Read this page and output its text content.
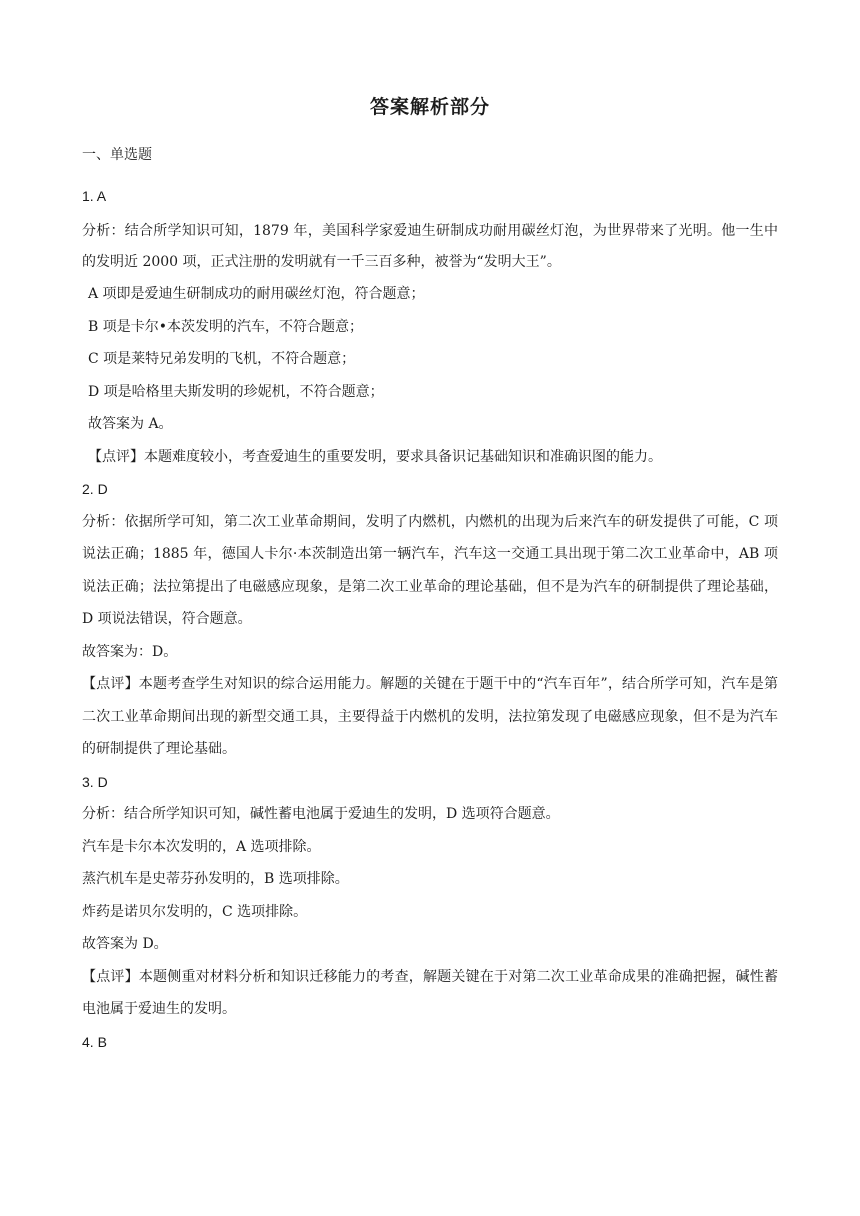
答案解析部分

一、单选题

1. A

分析：结合所学知识可知，1879 年，美国科学家爱迪生研制成功耐用碳丝灯泡，为世界带来了光明。他一生中的发明近 2000 项，正式注册的发明就有一千三百多种，被誉为“发明大王”。

A 项即是爱迪生研制成功的耐用碳丝灯泡，符合题意；

B 项是卡尔•本茨发明的汽车，不符合题意；

C 项是莱特兄弟发明的飞机，不符合题意；

D 项是哈格里夫斯发明的珍妮机，不符合题意；

故答案为 A。

【点评】本题难度较小，考查爱迪生的重要发明，要求具备识记基础知识和准确识图的能力。

2. D

分析：依据所学可知，第二次工业革命期间，发明了内燃机，内燃机的出现为后来汽车的研发提供了可能，C 项说法正确；1885 年，德国人卡尔·本茨制造出第一辆汽车，汽车这一交通工具出现于第二次工业革命中，AB 项说法正确；法拉第提出了电磁感应现象，是第二次工业革命的理论基础，但不是为汽车的研制提供了理论基础，D 项说法错误，符合题意。

故答案为：D。

【点评】本题考查学生对知识的综合运用能力。解题的关键在于题干中的“汽车百年”，结合所学可知，汽车是第二次工业革命期间出现的新型交通工具，主要得益于内燃机的发明，法拉第发现了电磁感应现象，但不是为汽车的研制提供了理论基础。

3. D

分析：结合所学知识可知，碱性蓄电池属于爱迪生的发明，D 选项符合题意。

汽车是卡尔本次发明的，A 选项排除。

蒸汽机车是史蒂芬孙发明的，B 选项排除。

炸药是诺贝尔发明的，C 选项排除。

故答案为 D。

【点评】本题侧重对材料分析和知识迁移能力的考查，解题关键在于对第二次工业革命成果的准确把握，碱性蓄电池属于爱迪生的发明。

4. B
